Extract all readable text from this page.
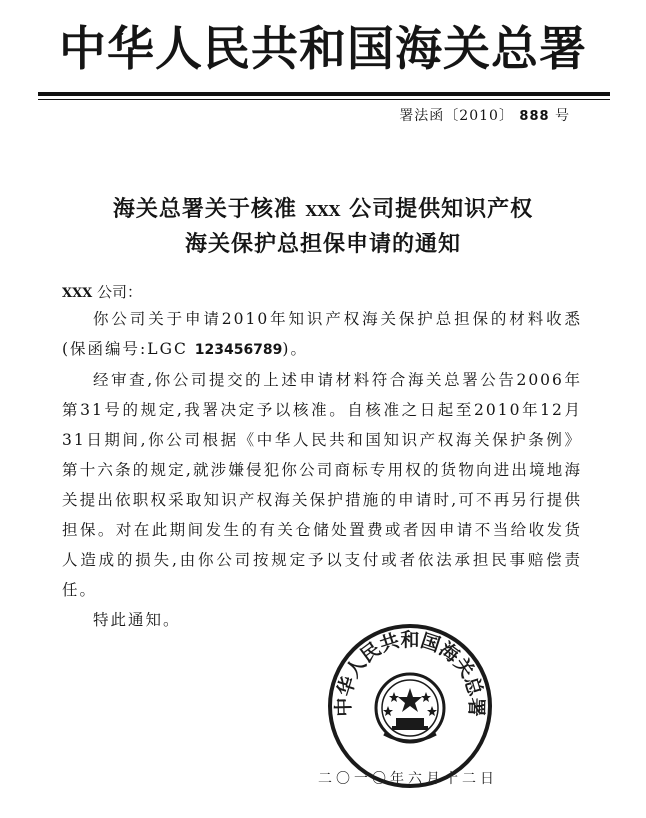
中华人民共和国海关总署
署法函〔2010〕 888 号
海关总署关于核准 XXX 公司提供知识产权
海关保护总担保申请的通知
XXX 公司：

你公司关于申请2010年知识产权海关保护总担保的材料收悉(保函编号:LGC 123456789)。

经审查,你公司提交的上述申请材料符合海关总署公告2006年第31号的规定,我署决定予以核准。自核准之日起至2010年12月31日期间,你公司根据《中华人民共和国知识产权海关保护条例》第十六条的规定,就涉嫌侵犯你公司商标专用权的货物向进出境地海关提出依职权采取知识产权海关保护措施的申请时,可不再另行提供担保。对在此期间发生的有关仓储处置费或者因申请不当给收发货人造成的损失,由你公司按规定予以支付或者依法承担民事赔偿责任。

特此通知。

中华人民共和国海关总署
二〇一〇年六月十二日
